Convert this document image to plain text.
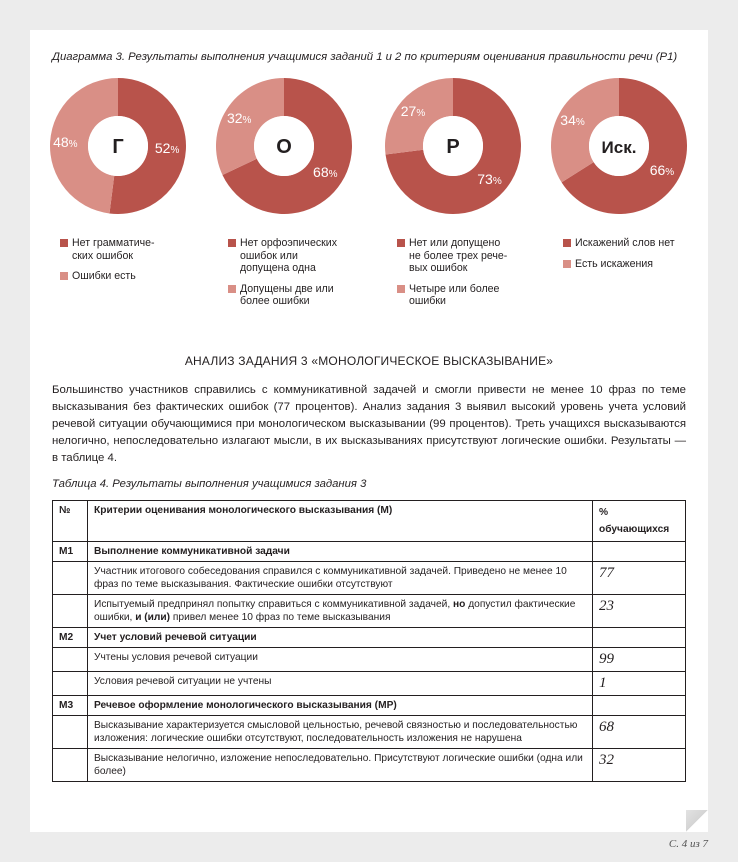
Диаграмма 3. Результаты выполнения учащимися заданий 1 и 2 по критериям оценивания правильности речи (Р1)
Г 52%
48%
Нет грамматиче-
ских ошибок
Ошибки есть
О
68%
32%
Нет орфоэпических
ошибок или
допущена одна
Допущены две или
более ошибки
Р
73%
27%
Нет или допущено
не более трех рече-
вых ошибок
Четыре или более
ошибки
Иск.
66%
34%
Искажений слов нет
Есть искажения
АНАЛИЗ ЗАДАНИЯ 3 «МОНОЛОГИЧЕСКОЕ ВЫСКАЗЫВАНИЕ»
Большинство участников справились с коммуникативной задачей и смогли привести не менее 10 фраз по теме высказывания без фактических ошибок (77 процентов). Анализ задания 3 выявил высокий уровень учета условий речевой ситуации обучающимися при монологическом высказывании (99 процентов). Треть учащихся высказываются нелогично, непоследовательно излагают мысли, в их высказываниях присутствуют логические ошибки. Результаты — в таблице 4.
Таблица 4. Результаты выполнения учащимися задания 3
№	Критерии оценивания монологического высказывания (М)	% обучающихся
М1	Выполнение коммуникативной задачи	
	Участник итогового собеседования справился с коммуникативной задачей. Приведено не менее 10 фраз по теме высказывания. Фактические ошибки отсутствуют	77
	Испытуемый предпринял попытку справиться с коммуникативной задачей, но допустил фактические ошибки, и (или) привел менее 10 фраз по теме высказывания	23
М2	Учет условий речевой ситуации	
	Учтены условия речевой ситуации	99
	Условия речевой ситуации не учтены	1
М3	Речевое оформление монологического высказывания (МР)	
	Высказывание характеризуется смысловой цельностью, речевой связностью и последовательностью изложения: логические ошибки отсутствуют, последовательность изложения не нарушена	68
	Высказывание нелогично, изложение непоследовательно. Присутствуют логические ошибки (одна или более)	32
С. 4 из 7
